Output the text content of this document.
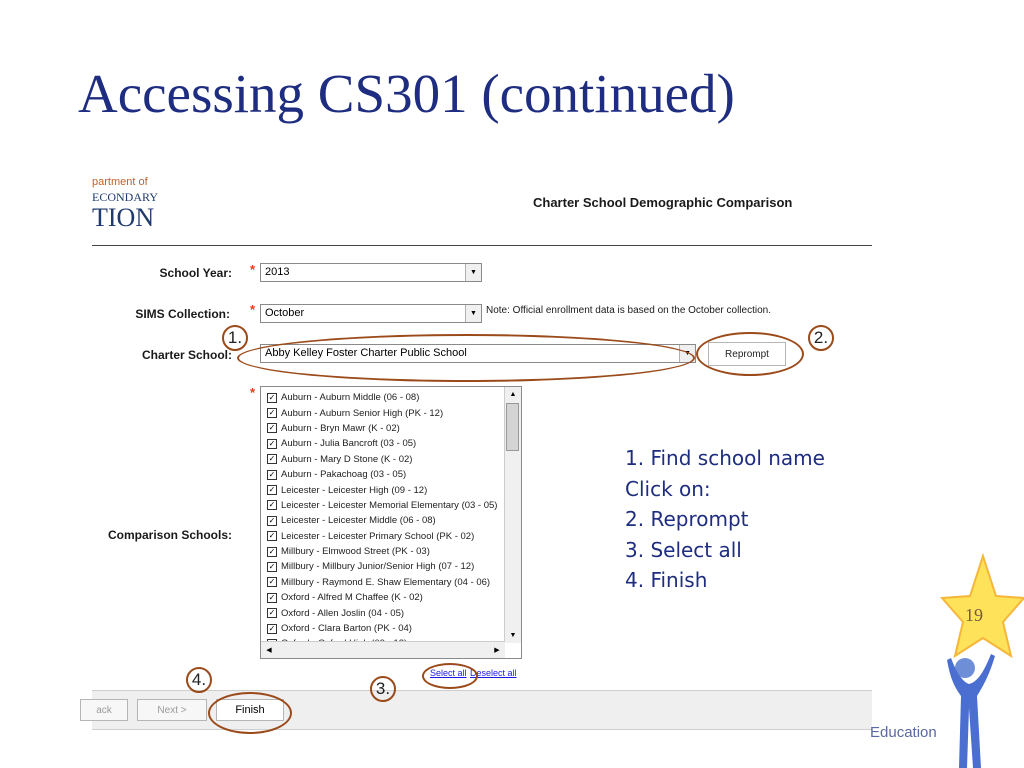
Accessing CS301 (continued)
partment of
ECONDARY
TION
Charter School Demographic Comparison
School Year: * 2013	▼
SIMS Collection: * October	▼ Note: Official enrollment data is based on the October collection.
Charter School:	Abby Kelley Foster Charter Public School	▼	Reprompt
Comparison Schools:
* ✓ Auburn - Auburn Middle (06 - 08)
✓ Auburn - Auburn Senior High (PK - 12)
✓ Auburn - Bryn Mawr (K - 02)
✓ Auburn - Julia Bancroft (03 - 05)
✓ Auburn - Mary D Stone (K - 02)
✓ Auburn - Pakachoag (03 - 05)
✓ Leicester - Leicester High (09 - 12)
✓ Leicester - Leicester Memorial Elementary (03 - 05)
✓ Leicester - Leicester Middle (06 - 08)
✓ Leicester - Leicester Primary School (PK - 02)
✓ Millbury - Elmwood Street (PK - 03)
✓ Millbury - Millbury Junior/Senior High (07 - 12)
✓ Millbury - Raymond E. Shaw Elementary (04 - 06)
✓ Oxford - Alfred M Chaffee (K - 02)
✓ Oxford - Allen Joslin (04 - 05)
✓ Oxford - Clara Barton (PK - 04)
▲
▼
◀	▶
Select all Deselect all
ack	Next >	Finish
1.	2.
3.
4.
1. Find school name
Click on:
2. Reprompt
3. Select all
4. Finish
19
Education
